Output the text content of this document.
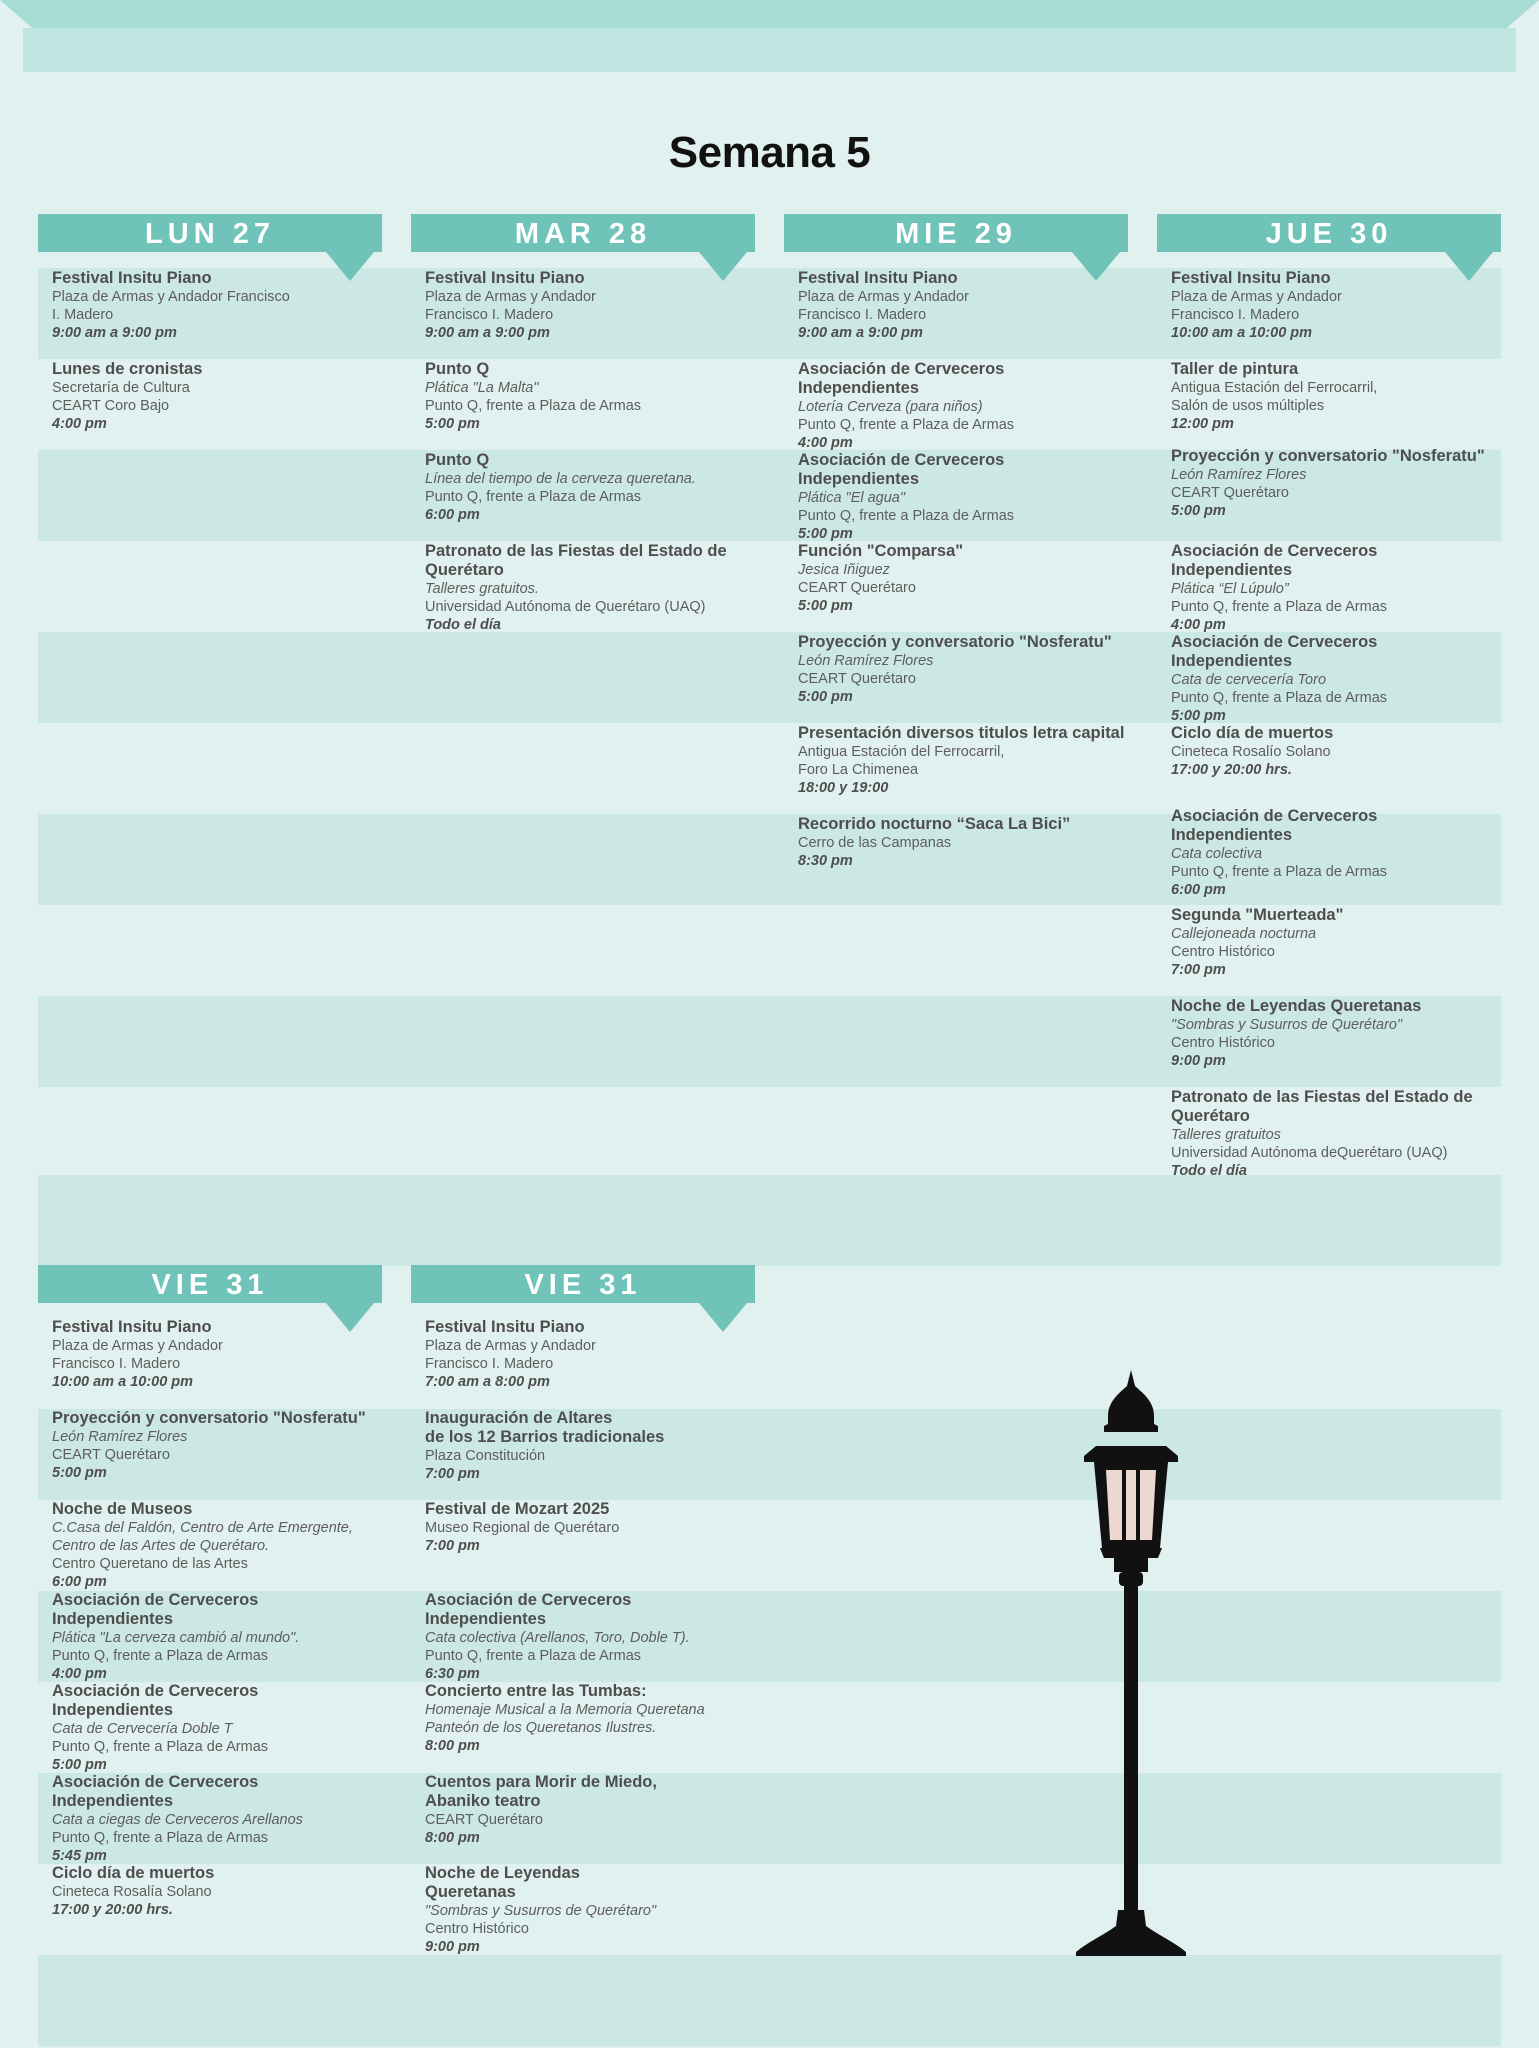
Semana 5
LUN 27
Festival Insitu Piano
Plaza de Armas y Andador Francisco
I. Madero
9:00 am a 9:00 pm
Lunes de cronistas
Secretaría de Cultura
CEART Coro Bajo
4:00 pm
MAR 28
Festival Insitu Piano
Plaza de Armas y Andador
Francisco I. Madero
9:00 am a 9:00 pm
Punto Q
Plática "La Malta"
Punto Q, frente a Plaza de Armas
5:00 pm
Punto Q
Línea del tiempo de la cerveza queretana.
Punto Q, frente a Plaza de Armas
6:00 pm
Patronato de las Fiestas del Estado de Querétaro
Talleres gratuitos.
Universidad Autónoma de Querétaro (UAQ)
Todo el día
MIE 29
Festival Insitu Piano
Plaza de Armas y Andador
Francisco I. Madero
9:00 am a 9:00 pm
Asociación de Cerveceros Independientes
Lotería Cerveza (para niños)
Punto Q, frente a Plaza de Armas
4:00 pm
Asociación de Cerveceros Independientes
Plática "El agua"
Punto Q, frente a Plaza de Armas
5:00 pm
Función "Comparsa"
Jesica Iñiguez
CEART Querétaro
5:00 pm
Proyección y conversatorio "Nosferatu"
León Ramírez Flores
CEART Querétaro
5:00 pm
Presentación diversos titulos letra capital
Antigua Estación del Ferrocarril,
Foro La Chimenea
18:00 y 19:00
Recorrido nocturno “Saca La Bici”
Cerro de las Campanas
8:30 pm
JUE 30
Festival Insitu Piano
Plaza de Armas y Andador
Francisco I. Madero
10:00 am a 10:00 pm
Taller de pintura
Antigua Estación del Ferrocarril,
Salón de usos múltiples
12:00 pm
Proyección y conversatorio "Nosferatu"
León Ramírez Flores
CEART Querétaro
5:00 pm
Asociación de Cerveceros Independientes
Plática “El Lúpulo”
Punto Q, frente a Plaza de Armas
4:00 pm
Asociación de Cerveceros Independientes
Cata de cervecería Toro
Punto Q, frente a Plaza de Armas
5:00 pm
Ciclo día de muertos
Cineteca Rosalío Solano
17:00 y 20:00 hrs.
Asociación de Cerveceros Independientes
Cata colectiva
Punto Q, frente a Plaza de Armas
6:00 pm
Segunda "Muerteada"
Callejoneada nocturna
Centro Histórico
7:00 pm
Noche de Leyendas Queretanas
"Sombras y Susurros de Querétaro"
Centro Histórico
9:00 pm
Patronato de las Fiestas del Estado de Querétaro
Talleres gratuitos
Universidad Autónoma deQuerétaro (UAQ)
Todo el día
VIE 31
Festival Insitu Piano
Plaza de Armas y Andador
Francisco I. Madero
10:00 am a 10:00 pm
Proyección y conversatorio "Nosferatu"
León Ramírez Flores
CEART Querétaro
5:00 pm
Noche de Museos
C.Casa del Faldón, Centro de Arte Emergente,
Centro de las Artes de Querétaro.
Centro Queretano de las Artes
6:00 pm
Asociación de Cerveceros Independientes
Plática "La cerveza cambió al mundo".
Punto Q, frente a Plaza de Armas
4:00 pm
Asociación de Cerveceros Independientes
Cata de Cervecería Doble T
Punto Q, frente a Plaza de Armas
5:00 pm
Asociación de Cerveceros Independientes
Cata a ciegas de Cerveceros Arellanos
Punto Q, frente a Plaza de Armas
5:45 pm
Ciclo día de muertos
Cineteca Rosalía Solano
17:00 y 20:00 hrs.
VIE 31
Festival Insitu Piano
Plaza de Armas y Andador
Francisco I. Madero
7:00 am a 8:00 pm
Inauguración de Altares
de los 12 Barrios tradicionales
Plaza Constitución
7:00 pm
Festival de Mozart 2025
Museo Regional de Querétaro
7:00 pm
Asociación de Cerveceros Independientes
Cata colectiva (Arellanos, Toro, Doble T).
Punto Q, frente a Plaza de Armas
6:30 pm
Concierto entre las Tumbas:
Homenaje Musical a la Memoria Queretana
Panteón de los Queretanos Ilustres.
8:00 pm
Cuentos para Morir de Miedo,
Abaniko teatro
CEART Querétaro
8:00 pm
Noche de Leyendas
Queretanas
"Sombras y Susurros de Querétaro"
Centro Histórico
9:00 pm
